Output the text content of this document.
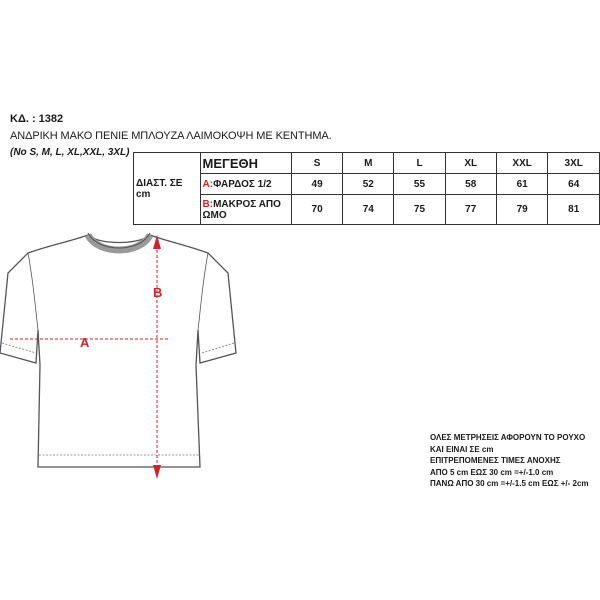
ΚΔ. : 1382
ΑΝΔΡΙΚΗ ΜΑΚΟ ΠΕΝΙΕ ΜΠΛΟΥΖΑ ΛΑΙΜΟΚΟΨΗ ΜΕ ΚΕΝΤΗΜΑ.
(No S, M, L, XL,XXL, 3XL)
ΔΙΑΣΤ. ΣΕ cm	ΜΕΓΕΘΗ	S	M	L	XL	XXL	3XL
	A:ΦΑΡΔΟΣ 1/2	49	52	55	58	61	64
	B:ΜΑΚΡΟΣ ΑΠΟ ΩΜΟ	70	74	75	77	79	81
A
B
ΟΛΕΣ ΜΕΤΡΗΣΕΙΣ ΑΦΟΡΟΥΝ ΤΟ ΡΟΥΧΟ
ΚΑΙ ΕΙΝΑΙ ΣΕ cm
ΕΠΙΤΡΕΠΟΜΕΝΕΣ ΤΙΜΕΣ ΑΝΟΧΗΣ
ΑΠΟ 5 cm ΕΩΣ 30 cm =+/-1.0 cm
ΠΑΝΩ ΑΠΟ 30 cm =+/-1.5 cm ΕΩΣ +/- 2cm
